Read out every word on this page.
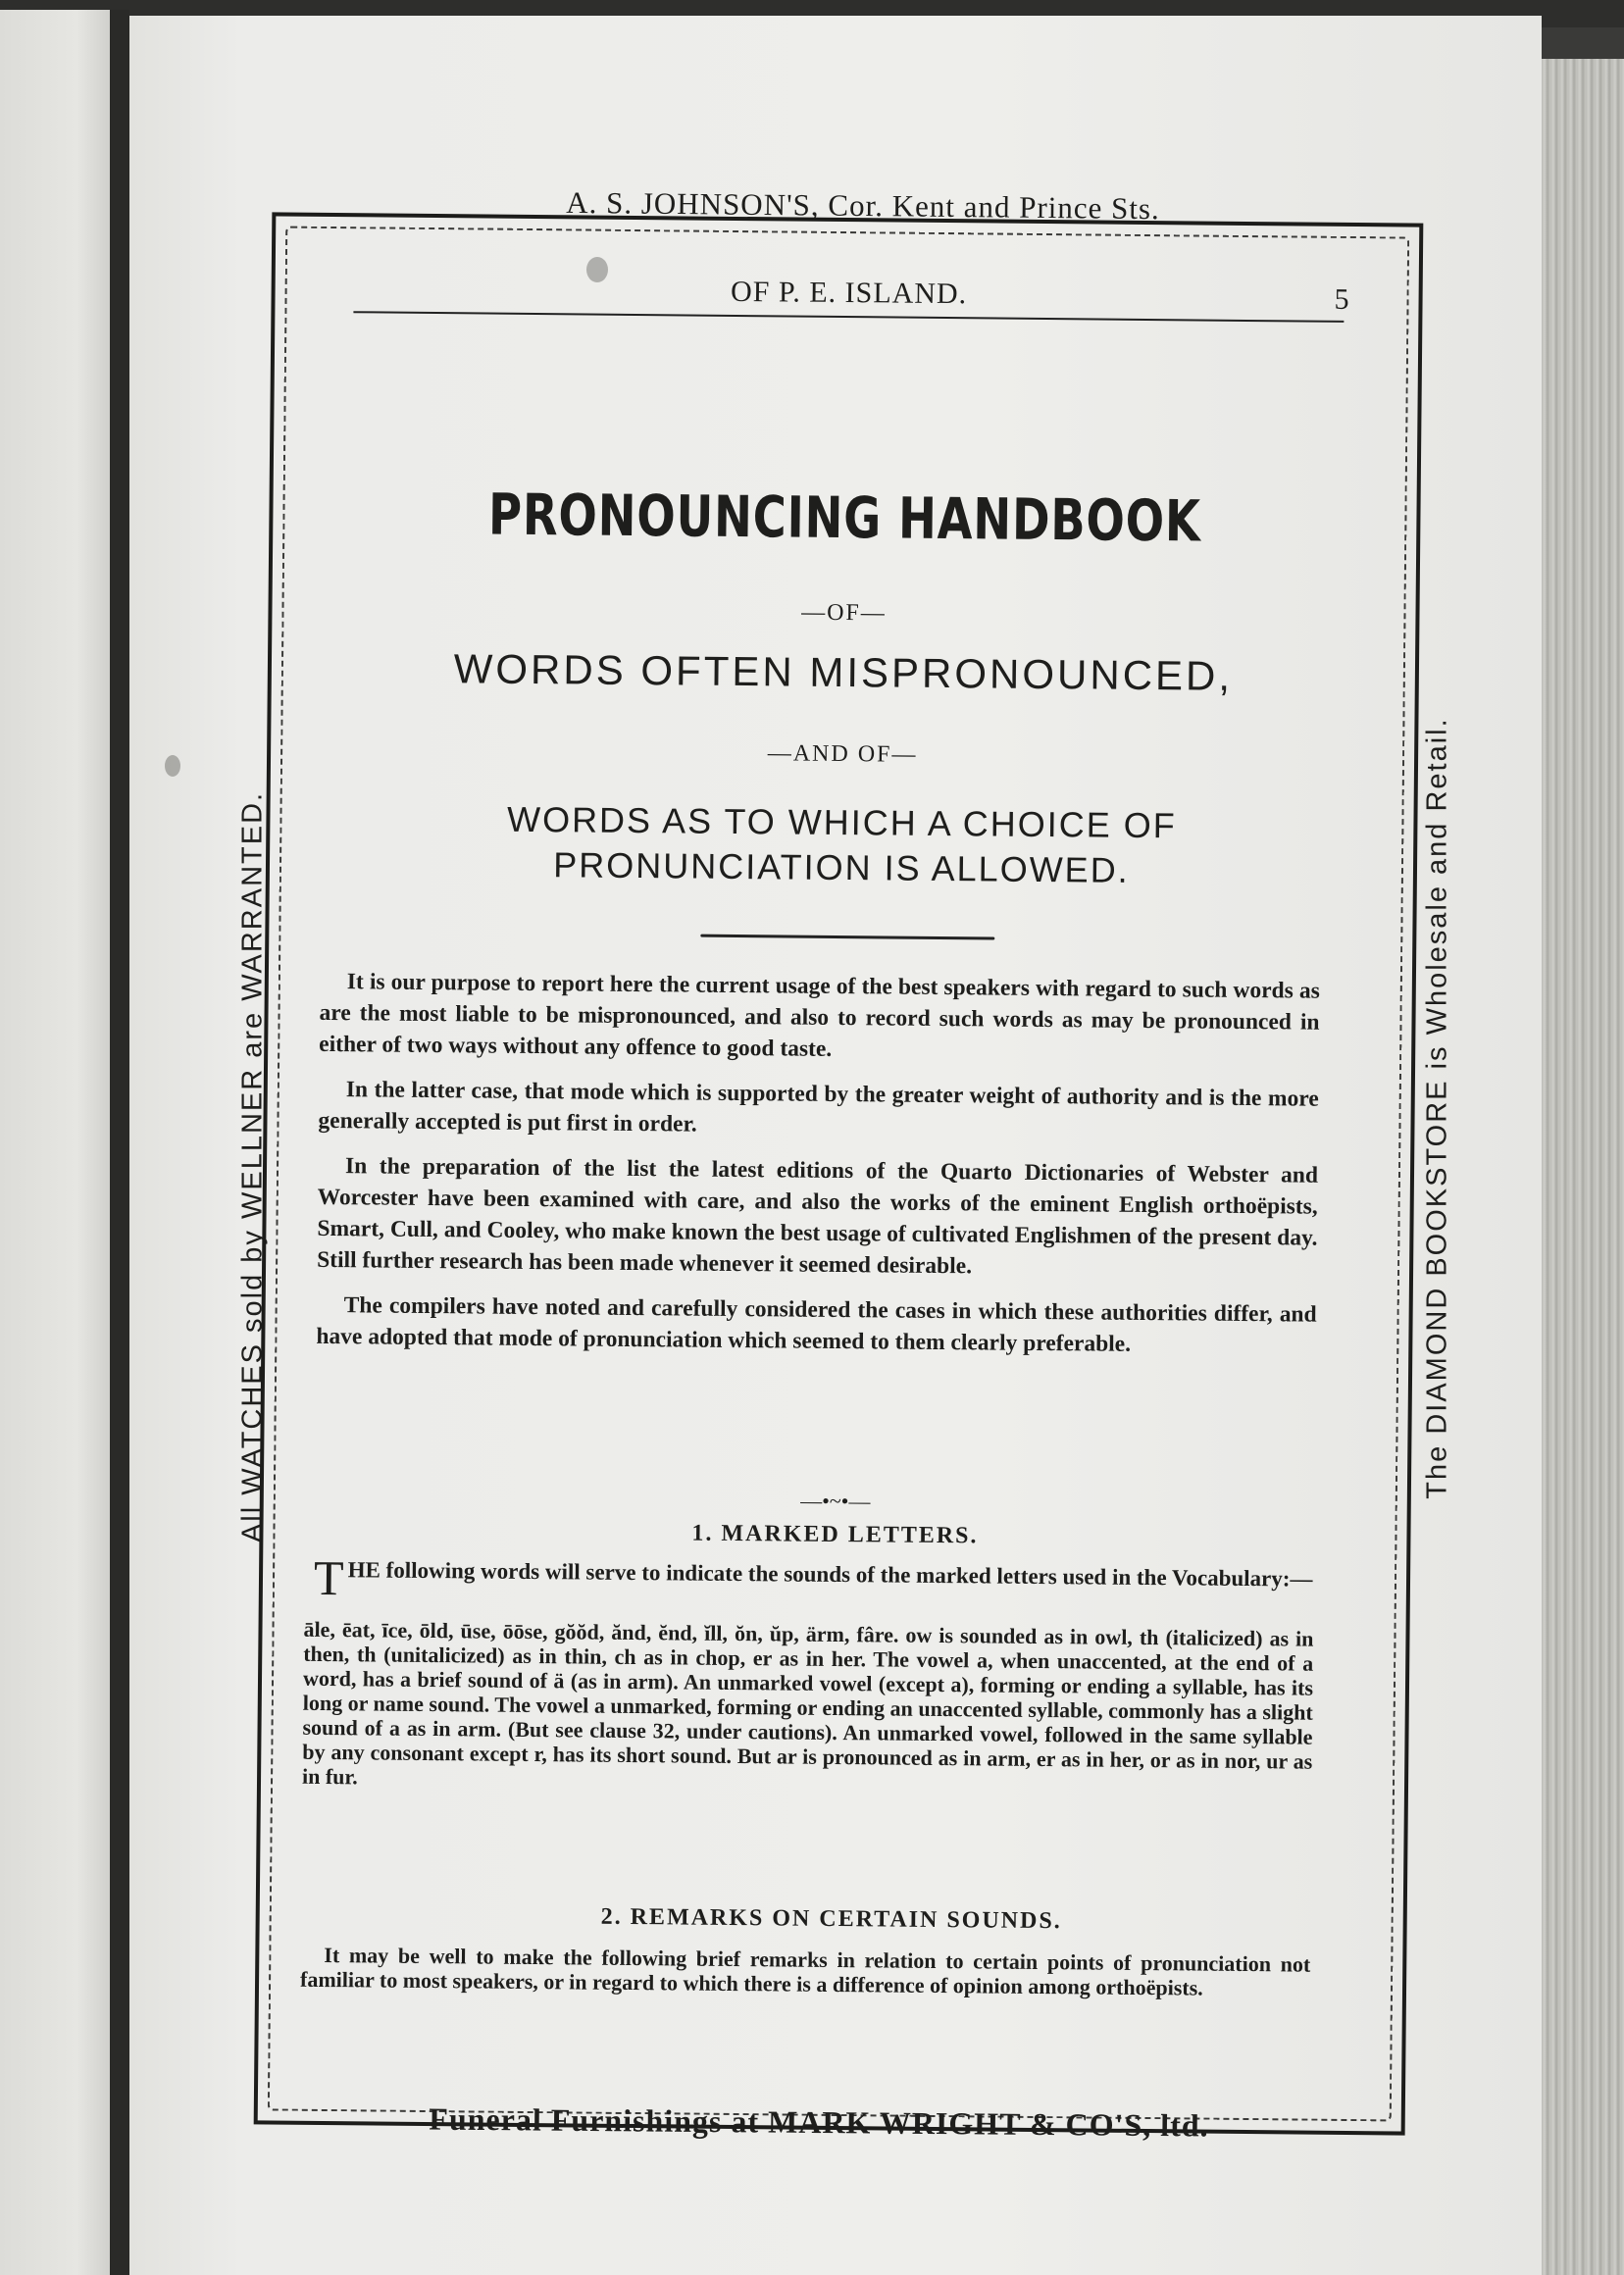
A. S. JOHNSON'S, Cor. Kent and Prince Sts.
All WATCHES sold by WELLNER are WARRANTED.	The DIAMOND BOOKSTORE is Wholesale and Retail.
OF P. E. ISLAND.	5
PRONOUNCING HANDBOOK
—OF—
WORDS OFTEN MISPRONOUNCED,
—AND OF—
WORDS AS TO WHICH A CHOICE OF
PRONUNCIATION IS ALLOWED.

It is our purpose to report here the current usage of the best speakers with regard to such words as are the most liable to be mispronounced, and also to record such words as may be pronounced in either of two ways without any offence to good taste.

In the latter case, that mode which is supported by the greater weight of authority and is the more generally accepted is put first in order.

In the preparation of the list the latest editions of the Quarto Dictionaries of Webster and Worcester have been examined with care, and also the works of the eminent English orthoëpists, Smart, Cull, and Cooley, who make known the best usage of cultivated Englishmen of the present day. Still further research has been made whenever it seemed desirable.

The compilers have noted and carefully considered the cases in which these authorities differ, and have adopted that mode of pronunciation which seemed to them clearly preferable.

—•~•—
1. MARKED LETTERS.
THE following words will serve to indicate the sounds of the marked letters used in the Vocabulary:—
āle, ēat, īce, ōld, ūse, ōōse, gŏŏd, ănd, ĕnd, ĭll, ŏn, ŭp, ärm, fâre. ow is sounded as in owl, th (italicized) as in then, th (unitalicized) as in thin, ch as in chop, er as in her. The vowel a, when unaccented, at the end of a word, has a brief sound of ä (as in arm). An unmarked vowel (except a), forming or ending a syllable, has its long or name sound. The vowel a unmarked, forming or ending an unaccented syllable, commonly has a slight sound of a as in arm. (But see clause 32, under cautions). An unmarked vowel, followed in the same syllable by any consonant except r, has its short sound. But ar is pronounced as in arm, er as in her, or as in nor, ur as in fur.
2. REMARKS ON CERTAIN SOUNDS.
It may be well to make the following brief remarks in relation to certain points of pronunciation not familiar to most speakers, or in regard to which there is a difference of opinion among orthoëpists.
Funeral Furnishings at MARK WRIGHT & CO'S, ltd.
